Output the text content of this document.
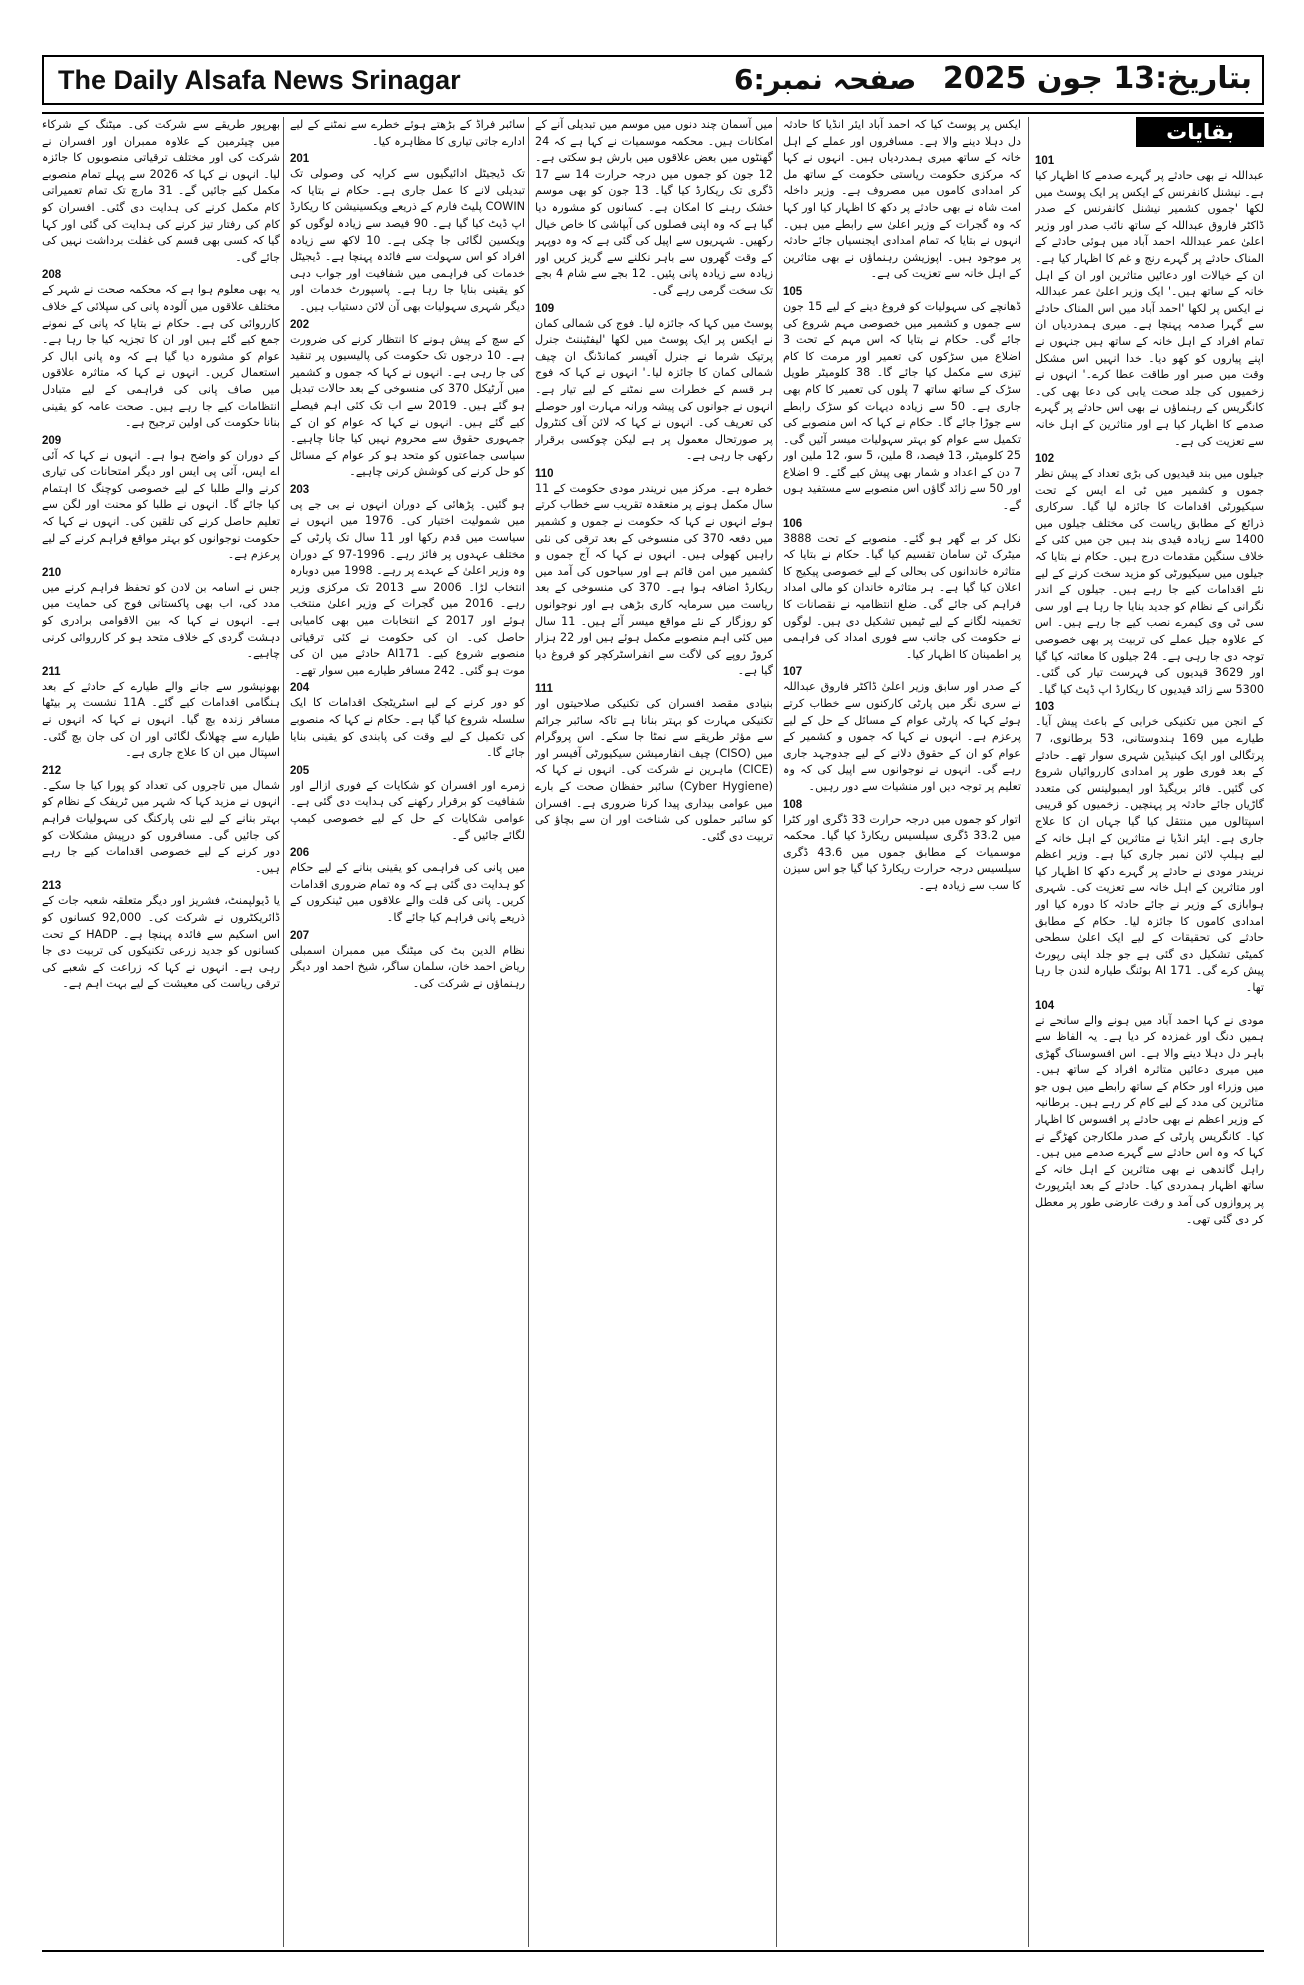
The Daily Alsafa News Srinagar	صفحہ نمبر:6 بتاریخ:13 جون 2025
بقایات
101

عبداللہ نے بھی حادثے پر گہرے صدمے کا اظہار کیا ہے۔ نیشنل کانفرنس کے ایکس پر ایک پوسٹ میں لکھا 'جموں کشمیر نیشنل کانفرنس کے صدر ڈاکٹر فاروق عبداللہ کے ساتھ نائب صدر اور وزیر اعلیٰ عمر عبداللہ احمد آباد میں ہوئی حادثے کے المناک حادثے پر گہرے رنج و غم کا اظہار کیا ہے۔ ان کے خیالات اور دعائیں متاثرین اور ان کے اہل خانہ کے ساتھ ہیں۔' ایک وزیر اعلیٰ عمر عبداللہ نے ایکس پر لکھا 'احمد آباد میں اس المناک حادثے سے گہرا صدمہ پہنچا ہے۔ میری ہمدردیاں ان تمام افراد کے اہل خانہ کے ساتھ ہیں جنہوں نے اپنے پیاروں کو کھو دیا۔ خدا انہیں اس مشکل وقت میں صبر اور طاقت عطا کرے۔' انہوں نے زخمیوں کی جلد صحت یابی کی دعا بھی کی۔ کانگریس کے رہنماؤں نے بھی اس حادثے پر گہرے صدمے کا اظہار کیا ہے اور متاثرین کے اہل خانہ سے تعزیت کی ہے۔

102

جیلوں میں بند قیدیوں کی بڑی تعداد کے پیش نظر جموں و کشمیر میں ٹی اے ایس کے تحت سیکیورٹی اقدامات کا جائزہ لیا گیا۔ سرکاری ذرائع کے مطابق ریاست کی مختلف جیلوں میں 1400 سے زیادہ قیدی بند ہیں جن میں کئی کے خلاف سنگین مقدمات درج ہیں۔ حکام نے بتایا کہ جیلوں میں سیکیورٹی کو مزید سخت کرنے کے لیے نئے اقدامات کیے جا رہے ہیں۔ جیلوں کے اندر نگرانی کے نظام کو جدید بنایا جا رہا ہے اور سی سی ٹی وی کیمرے نصب کیے جا رہے ہیں۔ اس کے علاوہ جیل عملے کی تربیت پر بھی خصوصی توجہ دی جا رہی ہے۔ 24 جیلوں کا معائنہ کیا گیا اور 3629 قیدیوں کی فہرست تیار کی گئی۔ 5300 سے زائد قیدیوں کا ریکارڈ اپ ڈیٹ کیا گیا۔

103

کے انجن میں تکنیکی خرابی کے باعث پیش آیا۔ طیارے میں 169 ہندوستانی، 53 برطانوی، 7 پرتگالی اور ایک کینیڈین شہری سوار تھے۔ حادثے کے بعد فوری طور پر امدادی کارروائیاں شروع کی گئیں۔ فائر بریگیڈ اور ایمبولینس کی متعدد گاڑیاں جائے حادثہ پر پہنچیں۔ زخمیوں کو قریبی اسپتالوں میں منتقل کیا گیا جہاں ان کا علاج جاری ہے۔ ایئر انڈیا نے متاثرین کے اہل خانہ کے لیے ہیلپ لائن نمبر جاری کیا ہے۔ وزیر اعظم نریندر مودی نے حادثے پر گہرے دکھ کا اظہار کیا اور متاثرین کے اہل خانہ سے تعزیت کی۔ شہری ہوابازی کے وزیر نے جائے حادثہ کا دورہ کیا اور امدادی کاموں کا جائزہ لیا۔ حکام کے مطابق حادثے کی تحقیقات کے لیے ایک اعلیٰ سطحی کمیٹی تشکیل دی گئی ہے جو جلد اپنی رپورٹ پیش کرے گی۔ AI 171 بوئنگ طیارہ لندن جا رہا تھا۔

104

مودی نے کہا احمد آباد میں ہونے والے سانحے نے ہمیں دنگ اور غمزدہ کر دیا ہے۔ یہ الفاظ سے باہر دل دہلا دینے والا ہے۔ اس افسوسناک گھڑی میں میری دعائیں متاثرہ افراد کے ساتھ ہیں۔ میں وزراء اور حکام کے ساتھ رابطے میں ہوں جو متاثرین کی مدد کے لیے کام کر رہے ہیں۔ برطانیہ کے وزیر اعظم نے بھی حادثے پر افسوس کا اظہار کیا۔ کانگریس پارٹی کے صدر ملکارجن کھڑگے نے کہا کہ وہ اس حادثے سے گہرے صدمے میں ہیں۔ راہل گاندھی نے بھی متاثرین کے اہل خانہ کے ساتھ اظہار ہمدردی کیا۔ حادثے کے بعد ایئرپورٹ پر پروازوں کی آمد و رفت عارضی طور پر معطل کر دی گئی تھی۔

ایکس پر پوسٹ کیا کہ احمد آباد ایئر انڈیا کا حادثہ دل دہلا دینے والا ہے۔ مسافروں اور عملے کے اہل خانہ کے ساتھ میری ہمدردیاں ہیں۔ انہوں نے کہا کہ مرکزی حکومت ریاستی حکومت کے ساتھ مل کر امدادی کاموں میں مصروف ہے۔ وزیر داخلہ امت شاہ نے بھی حادثے پر دکھ کا اظہار کیا اور کہا کہ وہ گجرات کے وزیر اعلیٰ سے رابطے میں ہیں۔ انہوں نے بتایا کہ تمام امدادی ایجنسیاں جائے حادثہ پر موجود ہیں۔ اپوزیشن رہنماؤں نے بھی متاثرین کے اہل خانہ سے تعزیت کی ہے۔

105

ڈھانچے کی سہولیات کو فروغ دینے کے لیے 15 جون سے جموں و کشمیر میں خصوصی مہم شروع کی جائے گی۔ حکام نے بتایا کہ اس مہم کے تحت 3 اضلاع میں سڑکوں کی تعمیر اور مرمت کا کام تیزی سے مکمل کیا جائے گا۔ 38 کلومیٹر طویل سڑک کے ساتھ ساتھ 7 پلوں کی تعمیر کا کام بھی جاری ہے۔ 50 سے زیادہ دیہات کو سڑک رابطے سے جوڑا جائے گا۔ حکام نے کہا کہ اس منصوبے کی تکمیل سے عوام کو بہتر سہولیات میسر آئیں گی۔ 25 کلومیٹر، 13 فیصد، 8 ملین، 5 سو، 12 ملین اور 7 دن کے اعداد و شمار بھی پیش کیے گئے۔ 9 اضلاع اور 50 سے زائد گاؤں اس منصوبے سے مستفید ہوں گے۔

106

نکل کر بے گھر ہو گئے۔ منصوبے کے تحت 3888 میٹرک ٹن سامان تقسیم کیا گیا۔ حکام نے بتایا کہ متاثرہ خاندانوں کی بحالی کے لیے خصوصی پیکیج کا اعلان کیا گیا ہے۔ ہر متاثرہ خاندان کو مالی امداد فراہم کی جائے گی۔ ضلع انتظامیہ نے نقصانات کا تخمینہ لگانے کے لیے ٹیمیں تشکیل دی ہیں۔ لوگوں نے حکومت کی جانب سے فوری امداد کی فراہمی پر اطمینان کا اظہار کیا۔

107

کے صدر اور سابق وزیر اعلیٰ ڈاکٹر فاروق عبداللہ نے سری نگر میں پارٹی کارکنوں سے خطاب کرتے ہوئے کہا کہ پارٹی عوام کے مسائل کے حل کے لیے پرعزم ہے۔ انہوں نے کہا کہ جموں و کشمیر کے عوام کو ان کے حقوق دلانے کے لیے جدوجہد جاری رہے گی۔ انہوں نے نوجوانوں سے اپیل کی کہ وہ تعلیم پر توجہ دیں اور منشیات سے دور رہیں۔

108

اتوار کو جموں میں درجہ حرارت 33 ڈگری اور کٹرا میں 33.2 ڈگری سیلسیس ریکارڈ کیا گیا۔ محکمہ موسمیات کے مطابق جموں میں 43.6 ڈگری سیلسیس درجہ حرارت ریکارڈ کیا گیا جو اس سیزن کا سب سے زیادہ ہے۔

میں آسمان چند دنوں میں موسم میں تبدیلی آنے کے امکانات ہیں۔ محکمہ موسمیات نے کہا ہے کہ 24 گھنٹوں میں بعض علاقوں میں بارش ہو سکتی ہے۔ 12 جون کو جموں میں درجہ حرارت 14 سے 17 ڈگری تک ریکارڈ کیا گیا۔ 13 جون کو بھی موسم خشک رہنے کا امکان ہے۔ کسانوں کو مشورہ دیا گیا ہے کہ وہ اپنی فصلوں کی آبپاشی کا خاص خیال رکھیں۔ شہریوں سے اپیل کی گئی ہے کہ وہ دوپہر کے وقت گھروں سے باہر نکلنے سے گریز کریں اور زیادہ سے زیادہ پانی پئیں۔ 12 بجے سے شام 4 بجے تک سخت گرمی رہے گی۔

109

پوسٹ میں کہا کہ جائزہ لیا۔ فوج کی شمالی کمان نے ایکس پر ایک پوسٹ میں لکھا 'لیفٹیننٹ جنرل پرتیک شرما نے جنرل آفیسر کمانڈنگ ان چیف شمالی کمان کا جائزہ لیا۔' انہوں نے کہا کہ فوج ہر قسم کے خطرات سے نمٹنے کے لیے تیار ہے۔ انہوں نے جوانوں کی پیشہ ورانہ مہارت اور حوصلے کی تعریف کی۔ انہوں نے کہا کہ لائن آف کنٹرول پر صورتحال معمول پر ہے لیکن چوکسی برقرار رکھی جا رہی ہے۔

110

خطرہ ہے۔ مرکز میں نریندر مودی حکومت کے 11 سال مکمل ہونے پر منعقدہ تقریب سے خطاب کرتے ہوئے انہوں نے کہا کہ حکومت نے جموں و کشمیر میں دفعہ 370 کی منسوخی کے بعد ترقی کی نئی راہیں کھولی ہیں۔ انہوں نے کہا کہ آج جموں و کشمیر میں امن قائم ہے اور سیاحوں کی آمد میں ریکارڈ اضافہ ہوا ہے۔ 370 کی منسوخی کے بعد ریاست میں سرمایہ کاری بڑھی ہے اور نوجوانوں کو روزگار کے نئے مواقع میسر آئے ہیں۔ 11 سال میں کئی اہم منصوبے مکمل ہوئے ہیں اور 22 ہزار کروڑ روپے کی لاگت سے انفراسٹرکچر کو فروغ دیا گیا ہے۔

111

بنیادی مقصد افسران کی تکنیکی صلاحیتوں اور تکنیکی مہارت کو بہتر بنانا ہے تاکہ سائبر جرائم سے مؤثر طریقے سے نمٹا جا سکے۔ اس پروگرام میں (CISO) چیف انفارمیشن سیکیورٹی آفیسر اور (CICE) ماہرین نے شرکت کی۔ انہوں نے کہا کہ (Cyber Hygiene) سائبر حفظان صحت کے بارے میں عوامی بیداری پیدا کرنا ضروری ہے۔ افسران کو سائبر حملوں کی شناخت اور ان سے بچاؤ کی تربیت دی گئی۔

سائبر فراڈ کے بڑھتے ہوئے خطرے سے نمٹنے کے لیے ادارے جاتی تیاری کا مظاہرہ کیا۔

201

تک ڈیجیٹل ادائیگیوں سے کرایہ کی وصولی تک تبدیلی لانے کا عمل جاری ہے۔ حکام نے بتایا کہ COWIN پلیٹ فارم کے ذریعے ویکسینیشن کا ریکارڈ اپ ڈیٹ کیا گیا ہے۔ 90 فیصد سے زیادہ لوگوں کو ویکسین لگائی جا چکی ہے۔ 10 لاکھ سے زیادہ افراد کو اس سہولت سے فائدہ پہنچا ہے۔ ڈیجیٹل خدمات کی فراہمی میں شفافیت اور جواب دہی کو یقینی بنایا جا رہا ہے۔ پاسپورٹ خدمات اور دیگر شہری سہولیات بھی آن لائن دستیاب ہیں۔

202

کے سچ کے پیش ہونے کا انتظار کرنے کی ضرورت ہے۔ 10 درجوں تک حکومت کی پالیسیوں پر تنقید کی جا رہی ہے۔ انہوں نے کہا کہ جموں و کشمیر میں آرٹیکل 370 کی منسوخی کے بعد حالات تبدیل ہو گئے ہیں۔ 2019 سے اب تک کئی اہم فیصلے کیے گئے ہیں۔ انہوں نے کہا کہ عوام کو ان کے جمہوری حقوق سے محروم نہیں کیا جانا چاہیے۔ سیاسی جماعتوں کو متحد ہو کر عوام کے مسائل کو حل کرنے کی کوشش کرنی چاہیے۔

203

ہو گئیں۔ پڑھائی کے دوران انہوں نے بی جے پی میں شمولیت اختیار کی۔ 1976 میں انہوں نے سیاست میں قدم رکھا اور 11 سال تک پارٹی کے مختلف عہدوں پر فائز رہے۔ 1996-97 کے دوران وہ وزیر اعلیٰ کے عہدے پر رہے۔ 1998 میں دوبارہ انتخاب لڑا۔ 2006 سے 2013 تک مرکزی وزیر رہے۔ 2016 میں گجرات کے وزیر اعلیٰ منتخب ہوئے اور 2017 کے انتخابات میں بھی کامیابی حاصل کی۔ ان کی حکومت نے کئی ترقیاتی منصوبے شروع کیے۔ AI171 حادثے میں ان کی موت ہو گئی۔ 242 مسافر طیارے میں سوار تھے۔

204

کو دور کرنے کے لیے اسٹریٹجک اقدامات کا ایک سلسلہ شروع کیا گیا ہے۔ حکام نے کہا کہ منصوبے کی تکمیل کے لیے وقت کی پابندی کو یقینی بنایا جائے گا۔

205

زمرے اور افسران کو شکایات کے فوری ازالے اور شفافیت کو برقرار رکھنے کی ہدایت دی گئی ہے۔ عوامی شکایات کے حل کے لیے خصوصی کیمپ لگائے جائیں گے۔

206

میں پانی کی فراہمی کو یقینی بنانے کے لیے حکام کو ہدایت دی گئی ہے کہ وہ تمام ضروری اقدامات کریں۔ پانی کی قلت والے علاقوں میں ٹینکروں کے ذریعے پانی فراہم کیا جائے گا۔

207

نظام الدین بٹ کی میٹنگ میں ممبران اسمبلی ریاض احمد خان، سلمان ساگر، شیخ احمد اور دیگر رہنماؤں نے شرکت کی۔

بھرپور طریقے سے شرکت کی۔ میٹنگ کے شرکاء میں چیئرمین کے علاوہ ممبران اور افسران نے شرکت کی اور مختلف ترقیاتی منصوبوں کا جائزہ لیا۔ انہوں نے کہا کہ 2026 سے پہلے تمام منصوبے مکمل کیے جائیں گے۔ 31 مارچ تک تمام تعمیراتی کام مکمل کرنے کی ہدایت دی گئی۔ افسران کو کام کی رفتار تیز کرنے کی ہدایت کی گئی اور کہا گیا کہ کسی بھی قسم کی غفلت برداشت نہیں کی جائے گی۔

208

یہ بھی معلوم ہوا ہے کہ محکمہ صحت نے شہر کے مختلف علاقوں میں آلودہ پانی کی سپلائی کے خلاف کارروائی کی ہے۔ حکام نے بتایا کہ پانی کے نمونے جمع کیے گئے ہیں اور ان کا تجزیہ کیا جا رہا ہے۔ عوام کو مشورہ دیا گیا ہے کہ وہ پانی ابال کر استعمال کریں۔ انہوں نے کہا کہ متاثرہ علاقوں میں صاف پانی کی فراہمی کے لیے متبادل انتظامات کیے جا رہے ہیں۔ صحت عامہ کو یقینی بنانا حکومت کی اولین ترجیح ہے۔

209

کے دوران کو واضح ہوا ہے۔ انہوں نے کہا کہ آئی اے ایس، آئی پی ایس اور دیگر امتحانات کی تیاری کرنے والے طلبا کے لیے خصوصی کوچنگ کا اہتمام کیا جائے گا۔ انہوں نے طلبا کو محنت اور لگن سے تعلیم حاصل کرنے کی تلقین کی۔ انہوں نے کہا کہ حکومت نوجوانوں کو بہتر مواقع فراہم کرنے کے لیے پرعزم ہے۔

210

جس نے اسامہ بن لادن کو تحفظ فراہم کرنے میں مدد کی، اب بھی پاکستانی فوج کی حمایت میں ہے۔ انہوں نے کہا کہ بین الاقوامی برادری کو دہشت گردی کے خلاف متحد ہو کر کارروائی کرنی چاہیے۔

211

بھونیشور سے جانے والے طیارے کے حادثے کے بعد ہنگامی اقدامات کیے گئے۔ 11A نشست پر بیٹھا مسافر زندہ بچ گیا۔ انہوں نے کہا کہ انہوں نے طیارے سے چھلانگ لگائی اور ان کی جان بچ گئی۔ اسپتال میں ان کا علاج جاری ہے۔

212

شمال میں تاجروں کی تعداد کو پورا کیا جا سکے۔ انہوں نے مزید کہا کہ شہر میں ٹریفک کے نظام کو بہتر بنانے کے لیے نئی پارکنگ کی سہولیات فراہم کی جائیں گی۔ مسافروں کو درپیش مشکلات کو دور کرنے کے لیے خصوصی اقدامات کیے جا رہے ہیں۔

213

یا ڈیولپمنٹ، فشریز اور دیگر متعلقہ شعبہ جات کے ڈائریکٹروں نے شرکت کی۔ 92,000 کسانوں کو اس اسکیم سے فائدہ پہنچا ہے۔ HADP کے تحت کسانوں کو جدید زرعی تکنیکوں کی تربیت دی جا رہی ہے۔ انہوں نے کہا کہ زراعت کے شعبے کی ترقی ریاست کی معیشت کے لیے بہت اہم ہے۔
